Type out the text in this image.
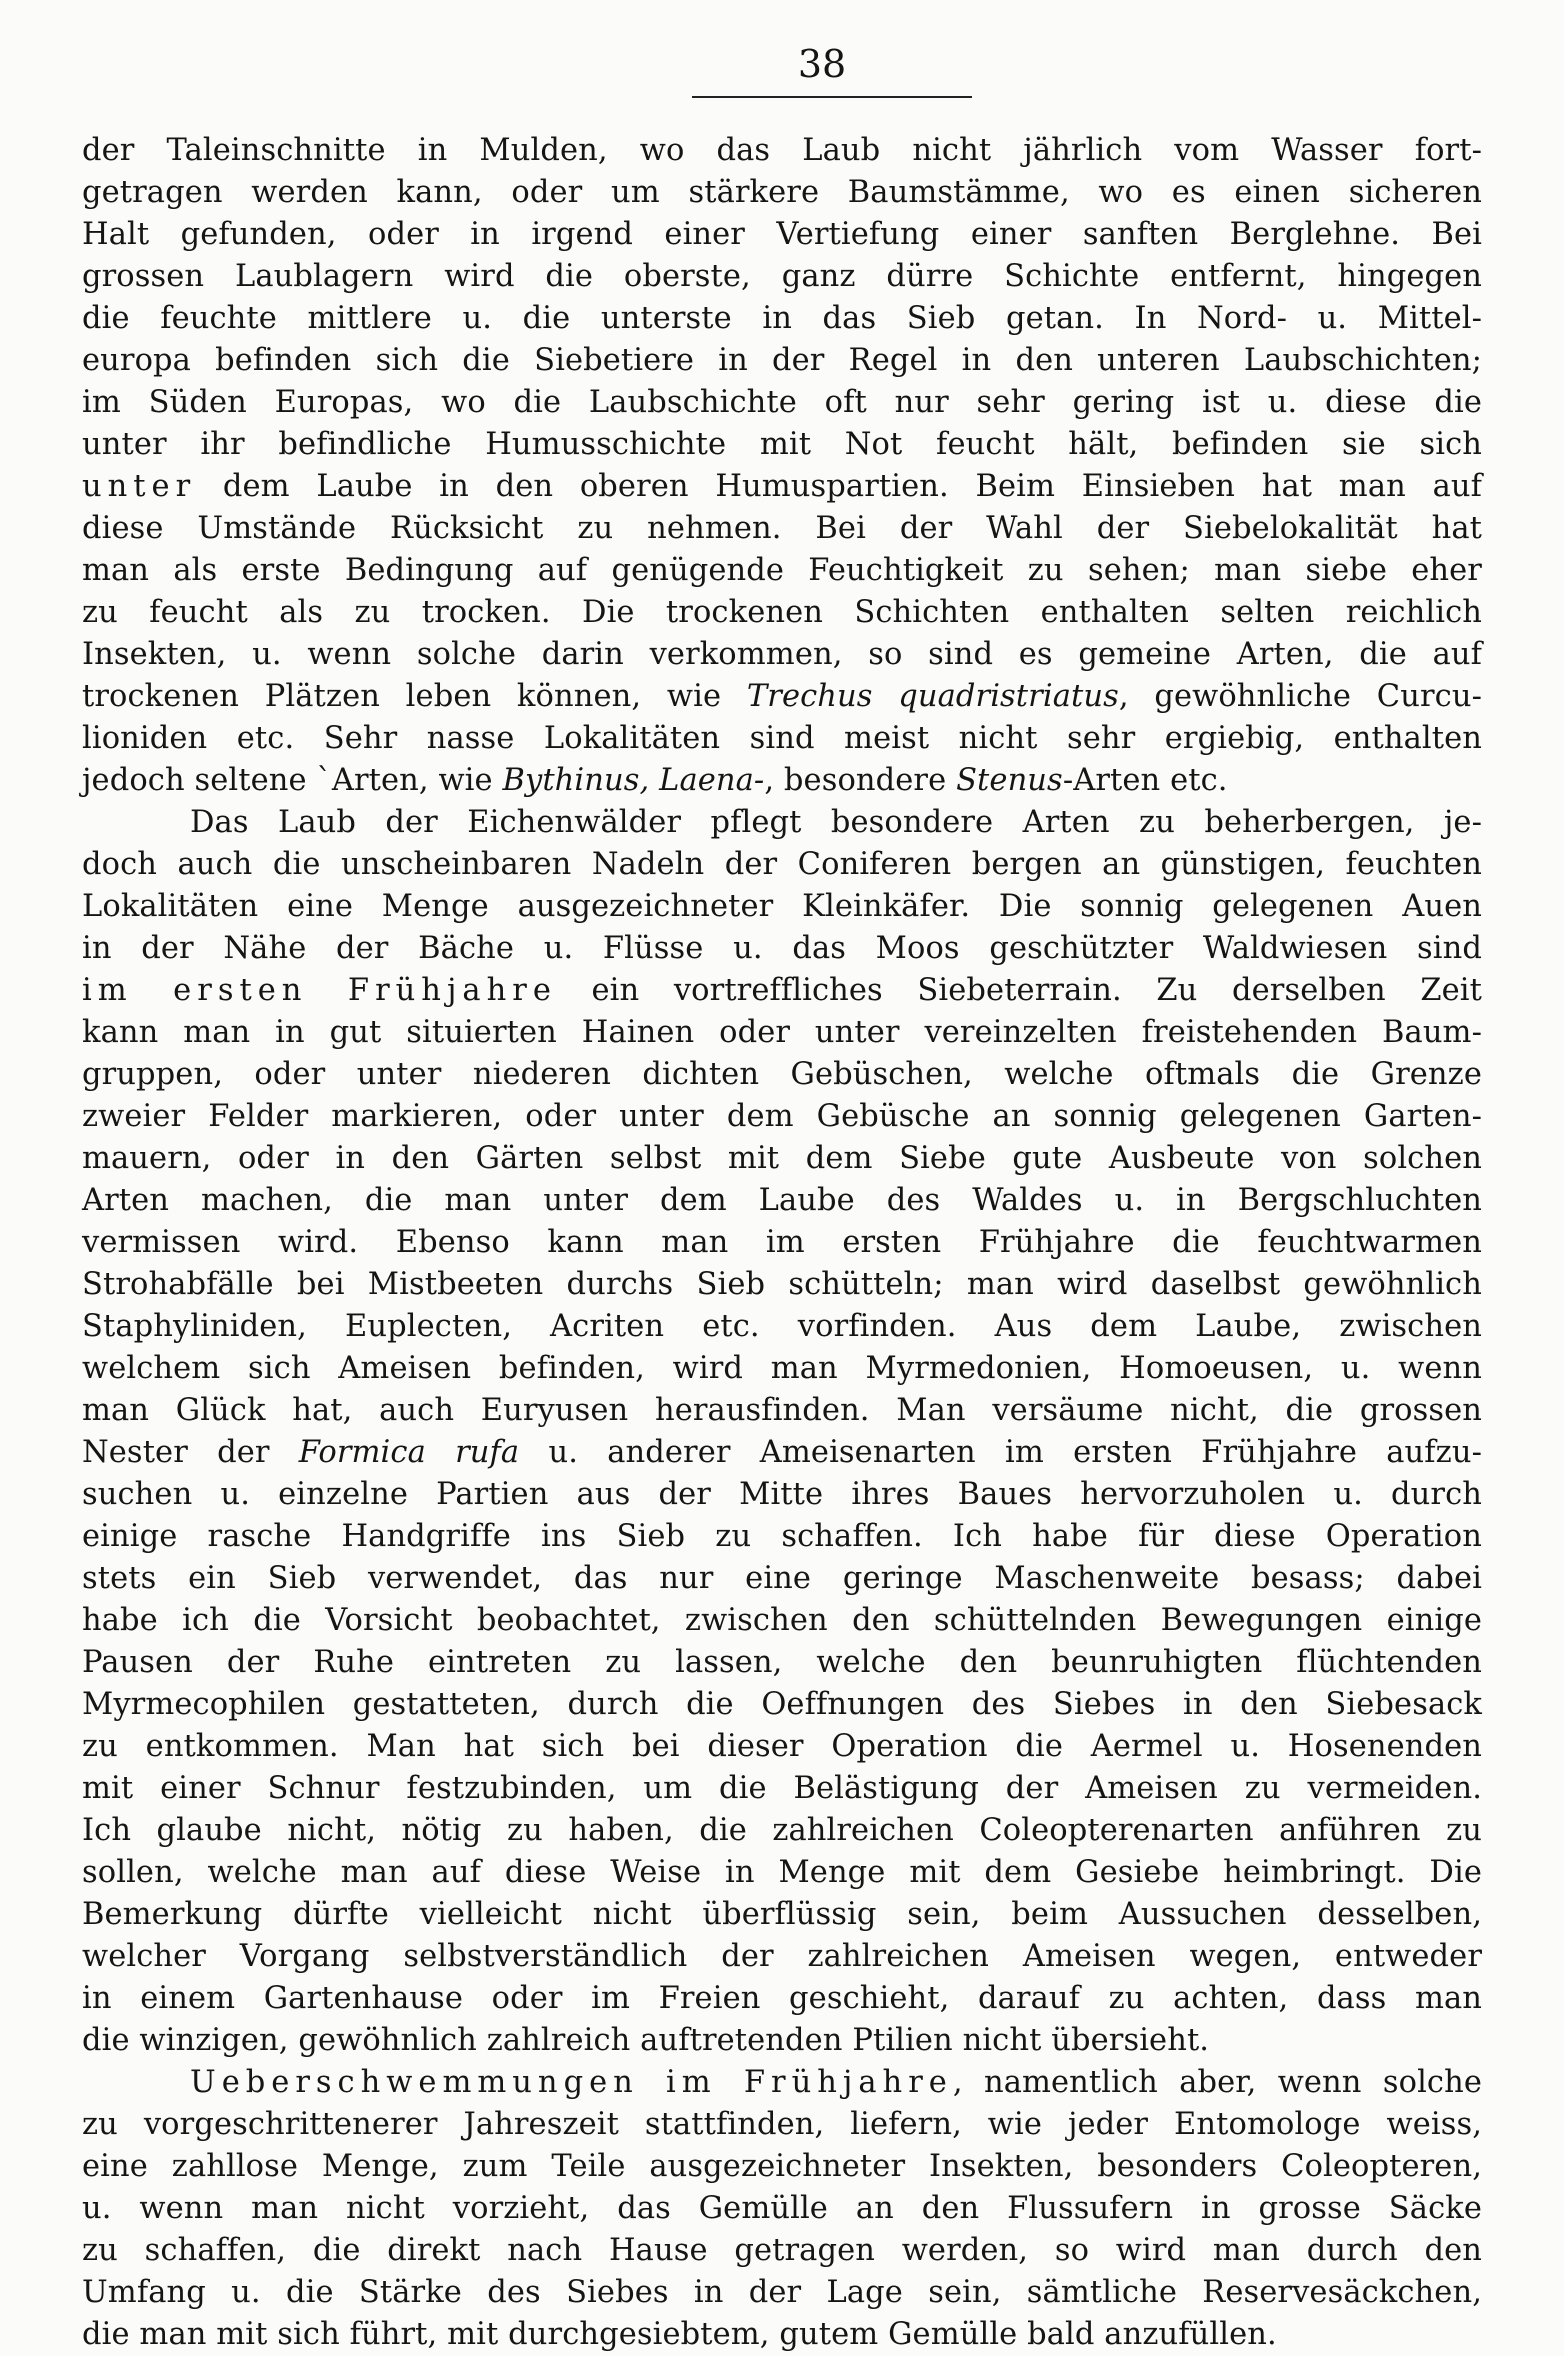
38
der Taleinschnitte in Mulden, wo das Laub nicht jährlich vom Wasser fort-
getragen werden kann, oder um stärkere Baumstämme, wo es einen sicheren
Halt gefunden, oder in irgend einer Vertiefung einer sanften Berglehne. Bei
grossen Laublagern wird die oberste, ganz dürre Schichte entfernt, hingegen
die feuchte mittlere u. die unterste in das Sieb getan. In Nord- u. Mittel-
europa befinden sich die Siebetiere in der Regel in den unteren Laubschichten;
im Süden Europas, wo die Laubschichte oft nur sehr gering ist u. diese die
unter ihr befindliche Humusschichte mit Not feucht hält, befinden sie sich
unter dem Laube in den oberen Humuspartien. Beim Einsieben hat man auf
diese Umstände Rücksicht zu nehmen. Bei der Wahl der Siebelokalität hat
man als erste Bedingung auf genügende Feuchtigkeit zu sehen; man siebe eher
zu feucht als zu trocken. Die trockenen Schichten enthalten selten reichlich
Insekten, u. wenn solche darin verkommen, so sind es gemeine Arten, die auf
trockenen Plätzen leben können, wie Trechus quadristriatus, gewöhnliche Curcu-
lioniden etc. Sehr nasse Lokalitäten sind meist nicht sehr ergiebig, enthalten
jedoch seltene `Arten, wie Bythinus, Laena-, besondere Stenus-Arten etc.
Das Laub der Eichenwälder pflegt besondere Arten zu beherbergen, je-
doch auch die unscheinbaren Nadeln der Coniferen bergen an günstigen, feuchten
Lokalitäten eine Menge ausgezeichneter Kleinkäfer. Die sonnig gelegenen Auen
in der Nähe der Bäche u. Flüsse u. das Moos geschützter Waldwiesen sind
im ersten Frühjahre ein vortreffliches Siebeterrain. Zu derselben Zeit
kann man in gut situierten Hainen oder unter vereinzelten freistehenden Baum-
gruppen, oder unter niederen dichten Gebüschen, welche oftmals die Grenze
zweier Felder markieren, oder unter dem Gebüsche an sonnig gelegenen Garten-
mauern, oder in den Gärten selbst mit dem Siebe gute Ausbeute von solchen
Arten machen, die man unter dem Laube des Waldes u. in Bergschluchten
vermissen wird. Ebenso kann man im ersten Frühjahre die feuchtwarmen
Strohabfälle bei Mistbeeten durchs Sieb schütteln; man wird daselbst gewöhnlich
Staphyliniden, Euplecten, Acriten etc. vorfinden. Aus dem Laube, zwischen
welchem sich Ameisen befinden, wird man Myrmedonien, Homoeusen, u. wenn
man Glück hat, auch Euryusen herausfinden. Man versäume nicht, die grossen
Nester der Formica rufa u. anderer Ameisenarten im ersten Frühjahre aufzu-
suchen u. einzelne Partien aus der Mitte ihres Baues hervorzuholen u. durch
einige rasche Handgriffe ins Sieb zu schaffen. Ich habe für diese Operation
stets ein Sieb verwendet, das nur eine geringe Maschenweite besass; dabei
habe ich die Vorsicht beobachtet, zwischen den schüttelnden Bewegungen einige
Pausen der Ruhe eintreten zu lassen, welche den beunruhigten flüchtenden
Myrmecophilen gestatteten, durch die Oeffnungen des Siebes in den Siebesack
zu entkommen. Man hat sich bei dieser Operation die Aermel u. Hosenenden
mit einer Schnur festzubinden, um die Belästigung der Ameisen zu vermeiden.
Ich glaube nicht, nötig zu haben, die zahlreichen Coleopterenarten anführen zu
sollen, welche man auf diese Weise in Menge mit dem Gesiebe heimbringt. Die
Bemerkung dürfte vielleicht nicht überflüssig sein, beim Aussuchen desselben,
welcher Vorgang selbstverständlich der zahlreichen Ameisen wegen, entweder
in einem Gartenhause oder im Freien geschieht, darauf zu achten, dass man
die winzigen, gewöhnlich zahlreich auftretenden Ptilien nicht übersieht.
Ueberschwemmungen im Frühjahre, namentlich aber, wenn solche
zu vorgeschrittenerer Jahreszeit stattfinden, liefern, wie jeder Entomologe weiss,
eine zahllose Menge, zum Teile ausgezeichneter Insekten, besonders Coleopteren,
u. wenn man nicht vorzieht, das Gemülle an den Flussufern in grosse Säcke
zu schaffen, die direkt nach Hause getragen werden, so wird man durch den
Umfang u. die Stärke des Siebes in der Lage sein, sämtliche Reservesäckchen,
die man mit sich führt, mit durchgesiebtem, gutem Gemülle bald anzufüllen.
